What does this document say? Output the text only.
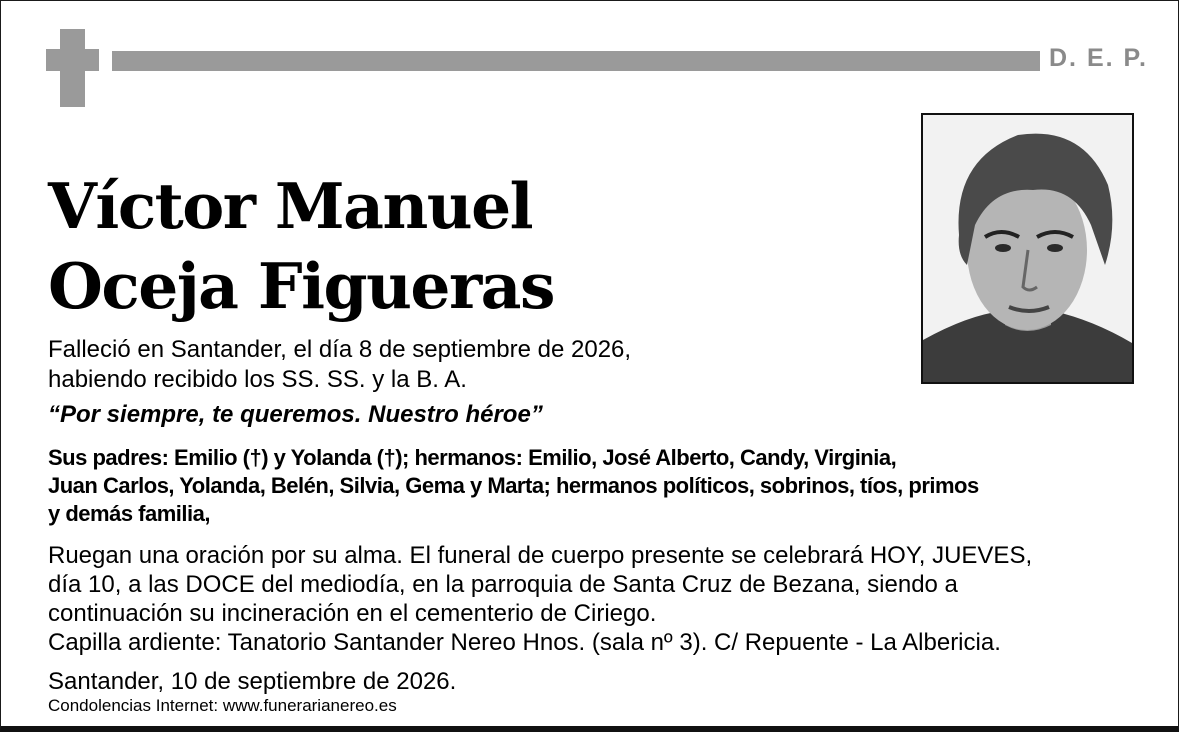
D. E. P.
Víctor Manuel
Oceja Figueras
Falleció en Santander, el día 8 de septiembre de 2026,
habiendo recibido los SS. SS. y la B. A.
“Por siempre, te queremos. Nuestro héroe”
Sus padres: Emilio (†) y Yolanda (†); hermanos: Emilio, José Alberto, Candy, Virginia,
Juan Carlos, Yolanda, Belén, Silvia, Gema y Marta; hermanos políticos, sobrinos, tíos, primos
y demás familia,
Ruegan una oración por su alma. El funeral de cuerpo presente se celebrará HOY, JUEVES,
día 10, a las DOCE del mediodía, en la parroquia de Santa Cruz de Bezana, siendo a
continuación su incineración en el cementerio de Ciriego.
Capilla ardiente: Tanatorio Santander Nereo Hnos. (sala nº 3). C/ Repuente - La Albericia.
Santander, 10 de septiembre de 2026.
Condolencias Internet: www.funerarianereo.es
